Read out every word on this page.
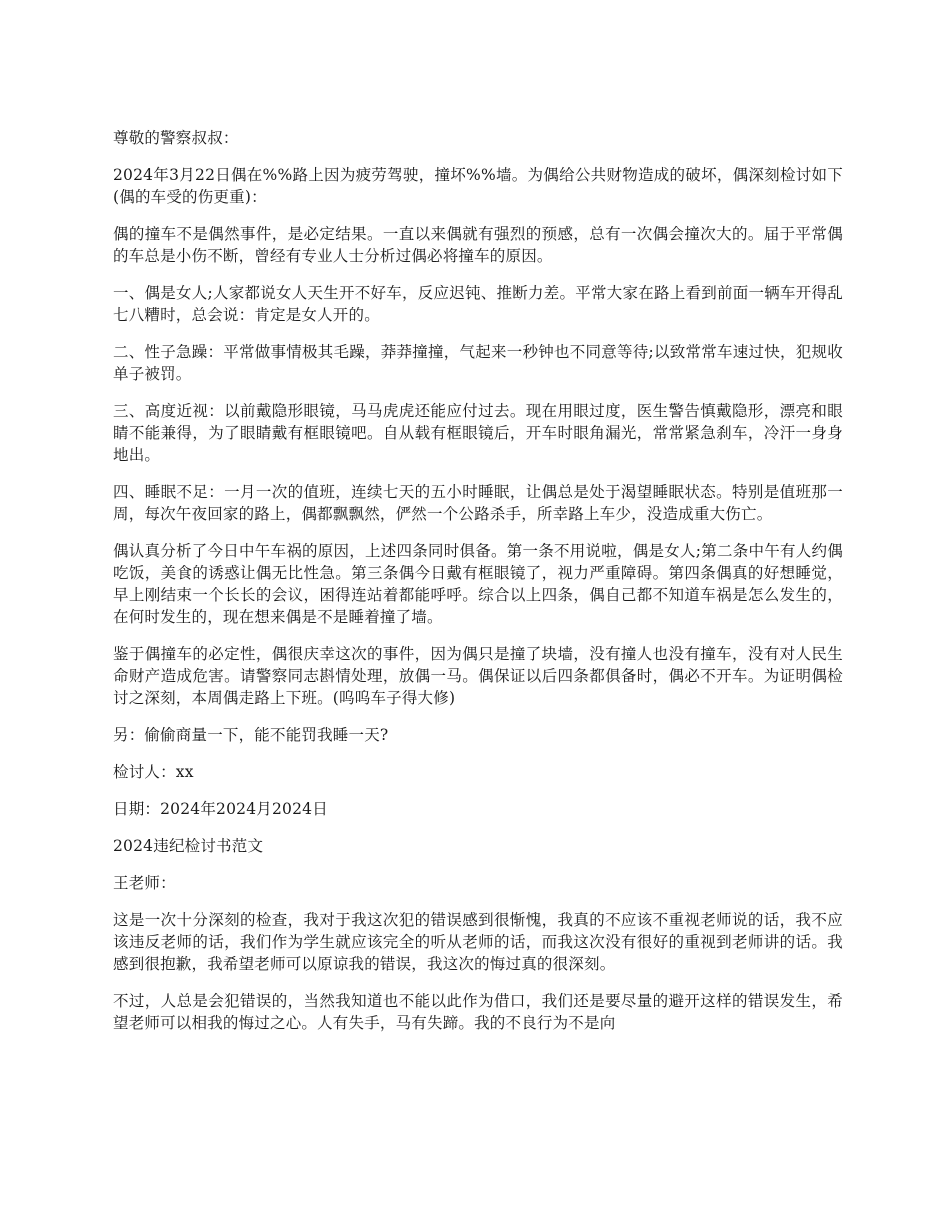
尊敬的警察叔叔：

2024年3月22日偶在%%路上因为疲劳驾驶，撞坏%%墙。为偶给公共财物造成的破坏，偶深刻检讨如下(偶的车受的伤更重)：

偶的撞车不是偶然事件，是必定结果。一直以来偶就有强烈的预感，总有一次偶会撞次大的。届于平常偶的车总是小伤不断，曾经有专业人士分析过偶必将撞车的原因。

一、偶是女人;人家都说女人天生开不好车，反应迟钝、推断力差。平常大家在路上看到前面一辆车开得乱七八糟时，总会说：肯定是女人开的。

二、性子急躁：平常做事情极其毛躁，莽莽撞撞，气起来一秒钟也不同意等待;以致常常车速过快，犯规收单子被罚。

三、高度近视：以前戴隐形眼镜，马马虎虎还能应付过去。现在用眼过度，医生警告慎戴隐形，漂亮和眼睛不能兼得，为了眼睛戴有框眼镜吧。自从载有框眼镜后，开车时眼角漏光，常常紧急刹车，冷汗一身身地出。

四、睡眠不足：一月一次的值班，连续七天的五小时睡眠，让偶总是处于渴望睡眠状态。特别是值班那一周，每次午夜回家的路上，偶都飘飘然，俨然一个公路杀手，所幸路上车少，没造成重大伤亡。

偶认真分析了今日中午车祸的原因，上述四条同时俱备。第一条不用说啦，偶是女人;第二条中午有人约偶吃饭，美食的诱惑让偶无比性急。第三条偶今日戴有框眼镜了，视力严重障碍。第四条偶真的好想睡觉，早上刚结束一个长长的会议，困得连站着都能呼呼。综合以上四条，偶自己都不知道车祸是怎么发生的，在何时发生的，现在想来偶是不是睡着撞了墙。

鉴于偶撞车的必定性，偶很庆幸这次的事件，因为偶只是撞了块墙，没有撞人也没有撞车，没有对人民生命财产造成危害。请警察同志斟情处理，放偶一马。偶保证以后四条都俱备时，偶必不开车。为证明偶检讨之深刻，本周偶走路上下班。(呜呜车子得大修)

另：偷偷商量一下，能不能罚我睡一天?

检讨人：xx

日期：2024年2024月2024日

2024违纪检讨书范文

王老师：

这是一次十分深刻的检查，我对于我这次犯的错误感到很惭愧，我真的不应该不重视老师说的话，我不应该违反老师的话，我们作为学生就应该完全的听从老师的话，而我这次没有很好的重视到老师讲的话。我感到很抱歉，我希望老师可以原谅我的错误，我这次的悔过真的很深刻。

不过，人总是会犯错误的，当然我知道也不能以此作为借口，我们还是要尽量的避开这样的错误发生，希望老师可以相我的悔过之心。人有失手，马有失蹄。我的不良行为不是向
